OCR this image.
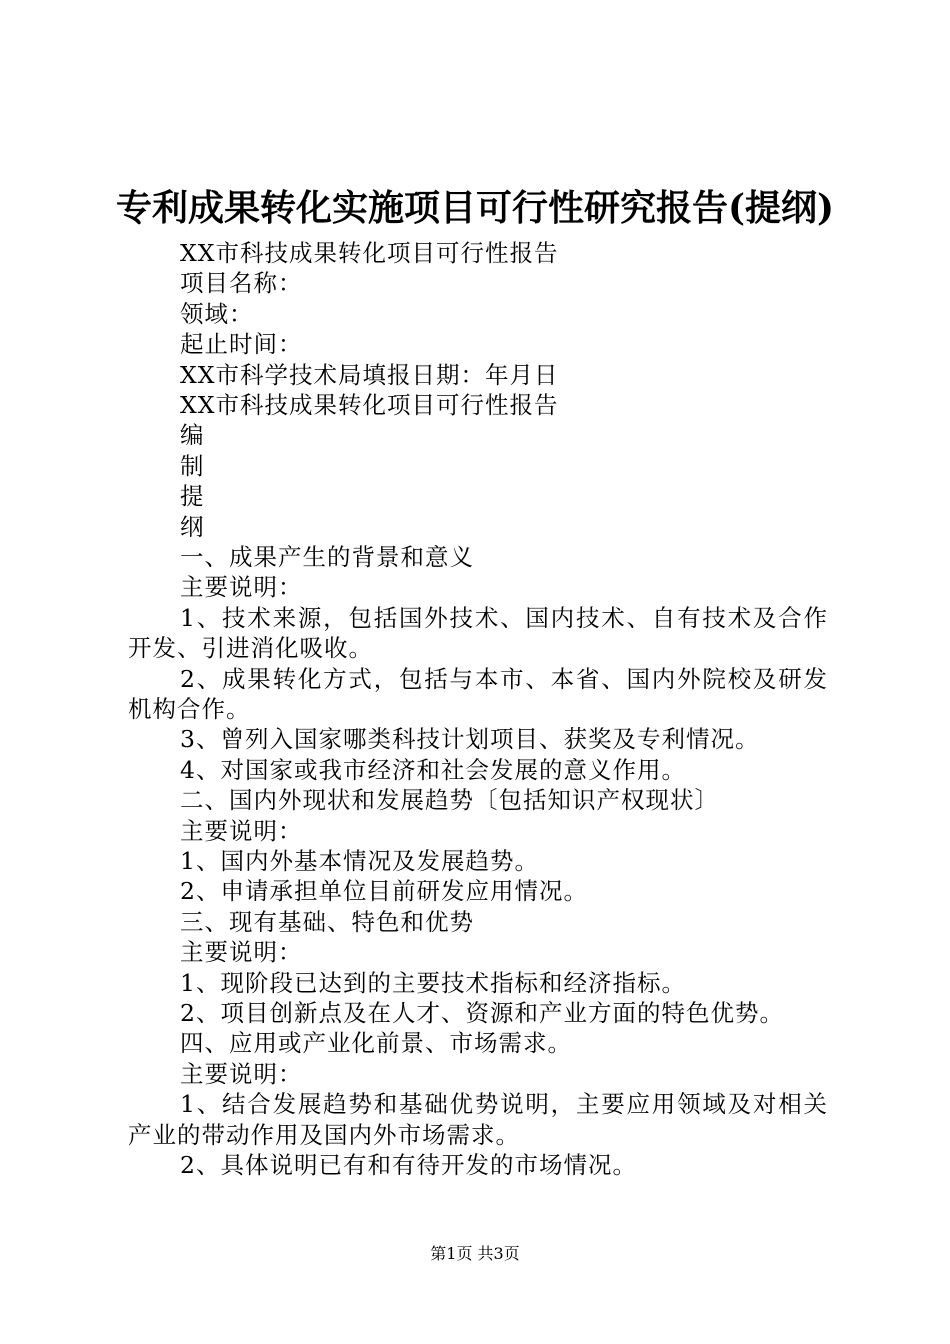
专利成果转化实施项目可行性研究报告(提纲)
XX市科技成果转化项目可行性报告
项目名称：
领域：
起止时间：
XX市科学技术局填报日期：年月日
XX市科技成果转化项目可行性报告
编
制
提
纲
一、成果产生的背景和意义
主要说明：
1、技术来源，包括国外技术、国内技术、自有技术及合作开发、引进消化吸收。
2、成果转化方式，包括与本市、本省、国内外院校及研发机构合作。
3、曾列入国家哪类科技计划项目、获奖及专利情况。
4、对国家或我市经济和社会发展的意义作用。
二、国内外现状和发展趋势〔包括知识产权现状〕
主要说明：
1、国内外基本情况及发展趋势。
2、申请承担单位目前研发应用情况。
三、现有基础、特色和优势
主要说明：
1、现阶段已达到的主要技术指标和经济指标。
2、项目创新点及在人才、资源和产业方面的特色优势。
四、应用或产业化前景、市场需求。
主要说明：
1、结合发展趋势和基础优势说明，主要应用领域及对相关产业的带动作用及国内外市场需求。
2、具体说明已有和有待开发的市场情况。
第1页 共3页
